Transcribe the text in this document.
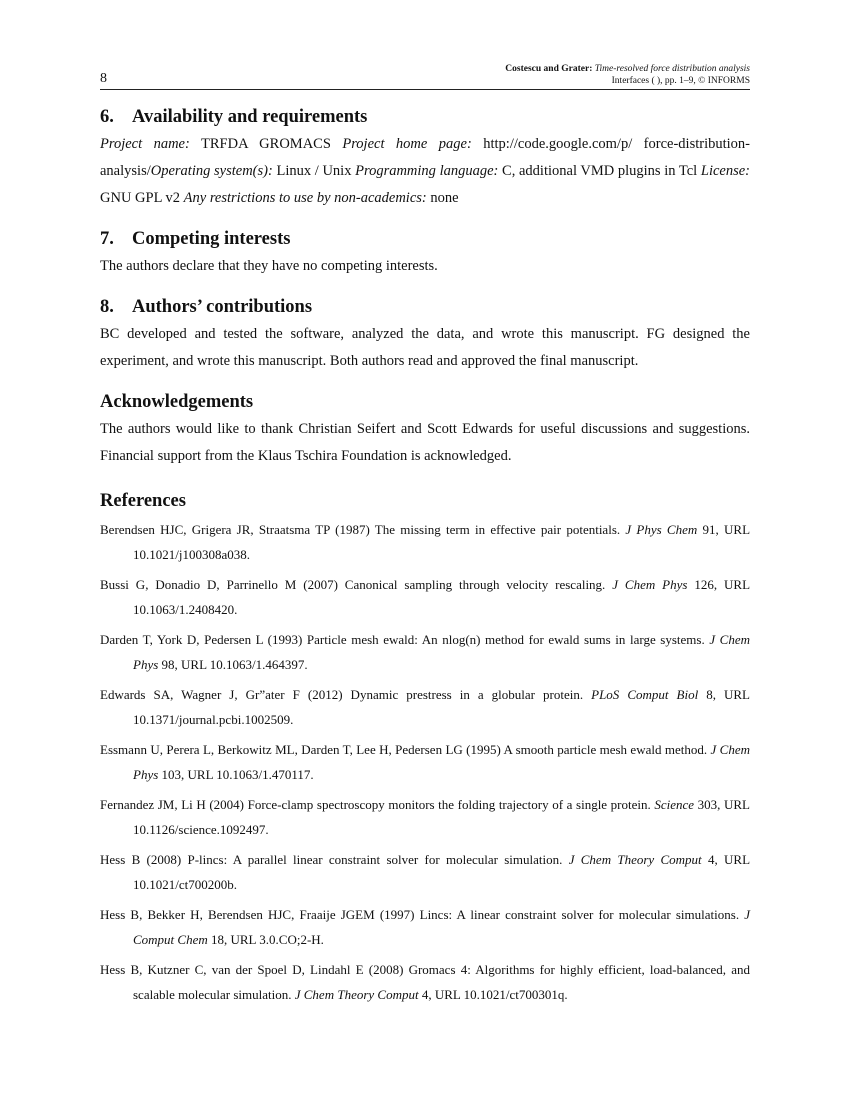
8
Costescu and Grater: Time-resolved force distribution analysis
Interfaces ( ), pp. 1–9, © INFORMS
6. Availability and requirements

Project name: TRFDA GROMACS Project home page: http://code.google.com/p/ force-distribution-analysis/Operating system(s): Linux / Unix Programming language: C, additional VMD plugins in Tcl License: GNU GPL v2 Any restrictions to use by non-academics: none

7. Competing interests

The authors declare that they have no competing interests.

8. Authors’ contributions

BC developed and tested the software, analyzed the data, and wrote this manuscript. FG designed the experiment, and wrote this manuscript. Both authors read and approved the final manuscript.

Acknowledgements

The authors would like to thank Christian Seifert and Scott Edwards for useful discussions and suggestions. Financial support from the Klaus Tschira Foundation is acknowledged.

References
Berendsen HJC, Grigera JR, Straatsma TP (1987) The missing term in effective pair potentials. J Phys Chem 91, URL 10.1021/j100308a038.
Bussi G, Donadio D, Parrinello M (2007) Canonical sampling through velocity rescaling. J Chem Phys 126, URL 10.1063/1.2408420.
Darden T, York D, Pedersen L (1993) Particle mesh ewald: An nlog(n) method for ewald sums in large systems. J Chem Phys 98, URL 10.1063/1.464397.
Edwards SA, Wagner J, Gr”ater F (2012) Dynamic prestress in a globular protein. PLoS Comput Biol 8, URL 10.1371/journal.pcbi.1002509.
Essmann U, Perera L, Berkowitz ML, Darden T, Lee H, Pedersen LG (1995) A smooth particle mesh ewald method. J Chem Phys 103, URL 10.1063/1.470117.
Fernandez JM, Li H (2004) Force-clamp spectroscopy monitors the folding trajectory of a single protein. Science 303, URL 10.1126/science.1092497.
Hess B (2008) P-lincs: A parallel linear constraint solver for molecular simulation. J Chem Theory Comput 4, URL 10.1021/ct700200b.
Hess B, Bekker H, Berendsen HJC, Fraaije JGEM (1997) Lincs: A linear constraint solver for molecular simulations. J Comput Chem 18, URL 3.0.CO;2-H.
Hess B, Kutzner C, van der Spoel D, Lindahl E (2008) Gromacs 4: Algorithms for highly efficient, load-balanced, and scalable molecular simulation. J Chem Theory Comput 4, URL 10.1021/ct700301q.
